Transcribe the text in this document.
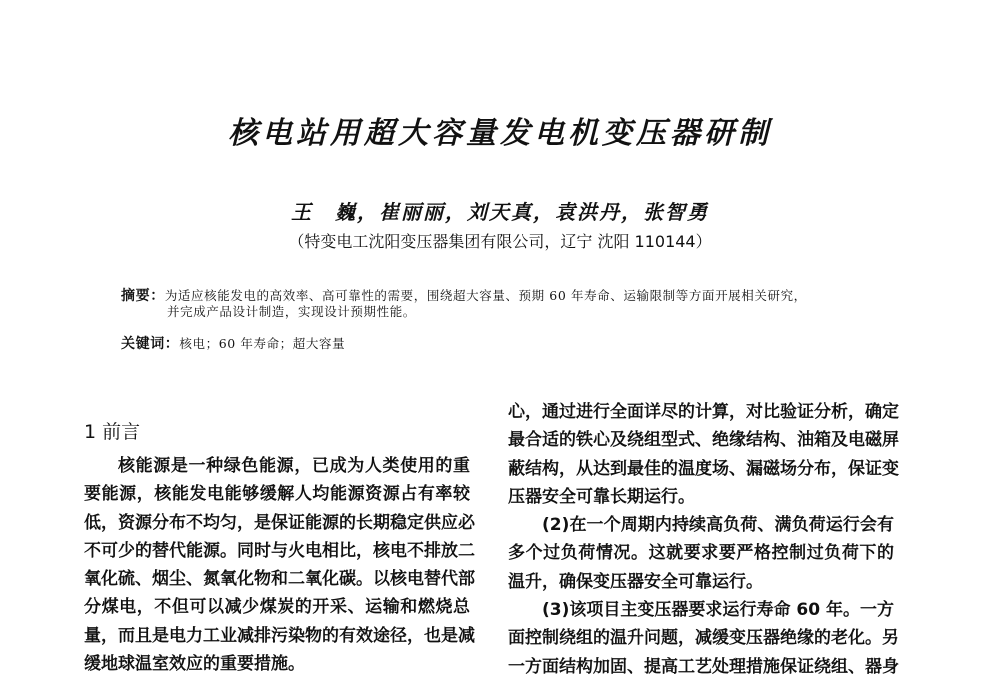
核电站用超大容量发电机变压器研制
王　巍，崔丽丽，刘天真，袁洪丹，张智勇
（特变电工沈阳变压器集团有限公司，辽宁 沈阳 110144）
摘要：为适应核能发电的高效率、高可靠性的需要，围绕超大容量、预期 60 年寿命、运输限制等方面开展相关研究，
并完成产品设计制造，实现设计预期性能。
关键词：核电；60 年寿命；超大容量
1 前言
核能源是一种绿色能源，已成为人类使用的重
要能源，核能发电能够缓解人均能源资源占有率较
低，资源分布不均匀，是保证能源的长期稳定供应必
不可少的替代能源。同时与火电相比，核电不排放二
氧化硫、烟尘、氮氧化物和二氧化碳。以核电替代部
分煤电，不但可以减少煤炭的开采、运输和燃烧总
量，而且是电力工业减排污染物的有效途径，也是减
缓地球温室效应的重要措施。
心，通过进行全面详尽的计算，对比验证分析，确定
最合适的铁心及绕组型式、绝缘结构、油箱及电磁屏
蔽结构，从达到最佳的温度场、漏磁场分布，保证变
压器安全可靠长期运行。
(2)在一个周期内持续高负荷、满负荷运行会有
多个过负荷情况。这就要求要严格控制过负荷下的
温升，确保变压器安全可靠运行。
(3)该项目主变压器要求运行寿命 60 年。一方
面控制绕组的温升问题，减缓变压器绝缘的老化。另
一方面结构加固、提高工艺处理措施保证绕组、器身
